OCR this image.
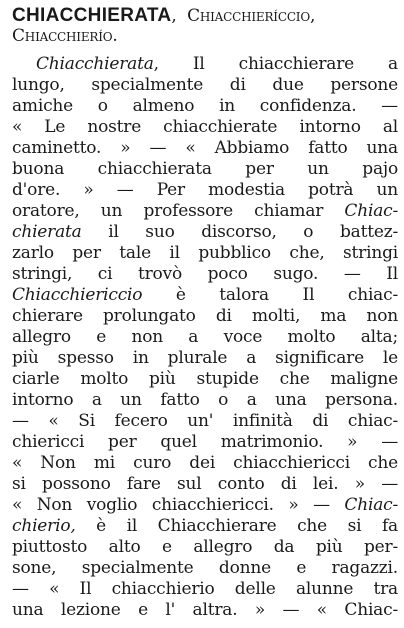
CHIACCHIERATA, Chiacchieríccio,
Chiacchierío.
Chiacchierata, Il chiacchierare a
lungo, specialmente di due persone
amiche o almeno in confidenza. —
« Le nostre chiacchierate intorno al
caminetto. » — « Abbiamo fatto una
buona chiacchierata per un pajo
d'ore. » — Per modestia potrà un
oratore, un professore chiamar Chiac-
chierata il suo discorso, o battez-
zarlo per tale il pubblico che, stringi
stringi, ci trovò poco sugo. — Il
Chiacchiericcio è talora Il chiac-
chierare prolungato di molti, ma non
allegro e non a voce molto alta;
più spesso in plurale a significare le
ciarle molto più stupide che maligne
intorno a un fatto o a una persona.
— « Si fecero un' infinità di chiac-
chiericci per quel matrimonio. » —
« Non mi curo dei chiacchiericci che
si possono fare sul conto di lei. » —
« Non voglio chiacchiericci. » — Chiac-
chierio, è il Chiacchierare che si fa
piuttosto alto e allegro da più per-
sone, specialmente donne e ragazzi.
— « Il chiacchierio delle alunne tra
una lezione e l' altra. » — « Chiac-
